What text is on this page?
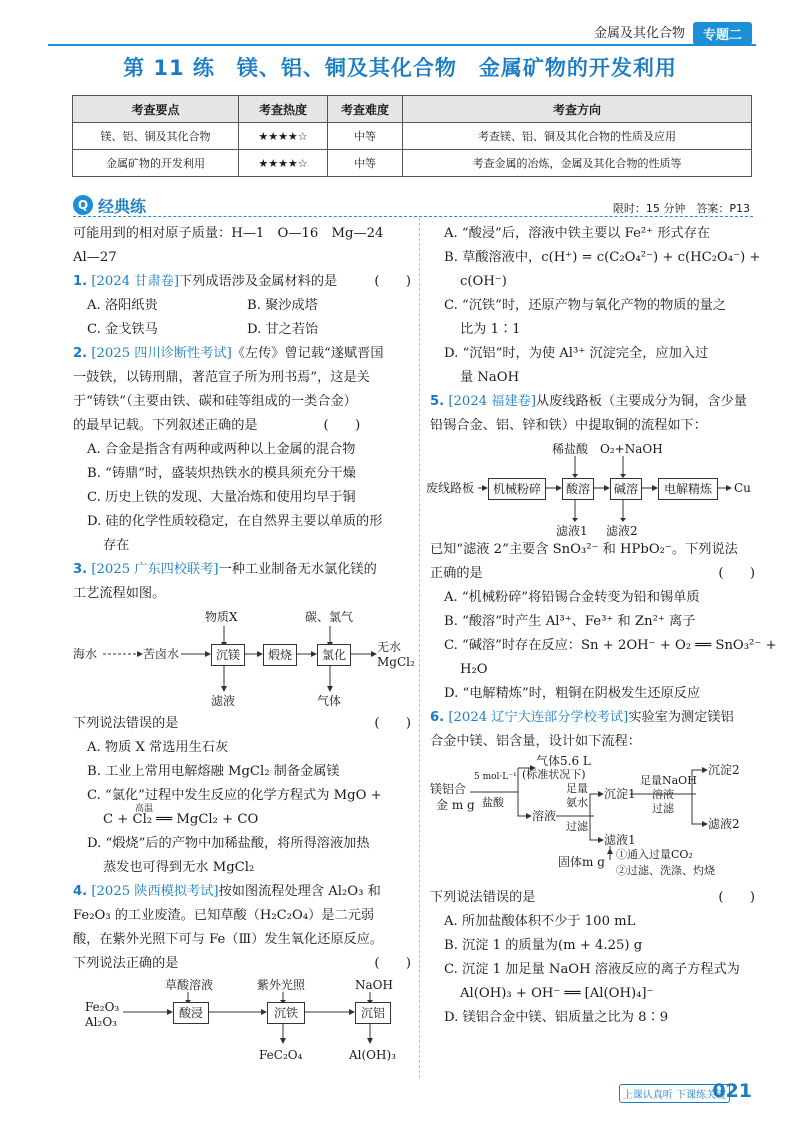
金属及其化合物	专题二
第 11 练　镁、铝、铜及其化合物　金属矿物的开发利用
考查要点	考查热度	考查难度	考查方向
镁、铝、铜及其化合物	★★★★☆	中等	考查镁、铝、铜及其化合物的性质及应用
金属矿物的开发利用	★★★★☆	中等	考查金属的冶炼，金属及其化合物的性质等
Q 经典练	限时：15 分钟　答案：P13
可能用到的相对原子质量：H—1　O—16　Mg—24
Al—27
1. [2024 甘肃卷]下列成语涉及金属材料的是	(　　)
A. 洛阳纸贵	B. 聚沙成塔
C. 金戈铁马	D. 甘之若饴
2. [2025 四川诊断性考试]《左传》曾记载“遂赋晋国
一鼓铁，以铸刑鼎，著范宣子所为刑书焉”，这是关
于“铸铁”（主要由铁、碳和硅等组成的一类合金）
的最早记载。下列叙述正确的是　　　　　(　　)
A. 合金是指含有两种或两种以上金属的混合物
B. “铸鼎”时，盛装炽热铁水的模具须充分干燥
C. 历史上铁的发现、大量冶炼和使用均早于铜
D. 硅的化学性质较稳定，在自然界主要以单质的形
存在
3. [2025 广东四校联考]一种工业制备无水氯化镁的
工艺流程如图。
物质X	碳、氯气
海水	苦卤水	沉镁	煅烧	氯化
无水
MgCl₂
滤液	气体
下列说法错误的是	(　　)
A. 物质 X 常选用生石灰
B. 工业上常用电解熔融 MgCl₂ 制备金属镁
C. “氯化”过程中发生反应的化学方程式为 MgO +
高温
C + Cl₂ ══ MgCl₂ + CO
D. “煅烧”后的产物中加稀盐酸，将所得溶液加热
蒸发也可得到无水 MgCl₂
4. [2025 陕西模拟考试]按如图流程处理含 Al₂O₃ 和
Fe₂O₃ 的工业废渣。已知草酸（H₂C₂O₄）是二元弱
酸，在紫外光照下可与 Fe（Ⅲ）发生氧化还原反应。
下列说法正确的是	(　　)
草酸溶液	紫外光照	NaOH
Fe₂O₃
Al₂O₃
酸浸	沉铁	沉铝
FeC₂O₄	Al(OH)₃
A. “酸浸”后，溶液中铁主要以 Fe²⁺ 形式存在
B. 草酸溶液中，c(H⁺) = c(C₂O₄²⁻) + c(HC₂O₄⁻) +
c(OH⁻)
C. “沉铁”时，还原产物与氧化产物的物质的量之
比为 1∶1
D. “沉铝”时，为使 Al³⁺ 沉淀完全，应加入过
量 NaOH
5. [2024 福建卷]从废线路板（主要成分为铜，含少量
铅锡合金、铝、锌和铁）中提取铜的流程如下：
稀盐酸 O₂+NaOH
废线路板	机械粉碎	酸溶	碱溶	电解精炼	Cu
滤液1 滤液2
已知“滤液 2”主要含 SnO₃²⁻ 和 HPbO₂⁻。下列说法
正确的是	(　　)
A. “机械粉碎”将铅锡合金转变为铅和锡单质
B. “酸溶”时产生 Al³⁺、Fe³⁺ 和 Zn²⁺ 离子
C. “碱溶”时存在反应：Sn + 2OH⁻ + O₂ ══ SnO₃²⁻ +
H₂O
D. “电解精炼”时，粗铜在阴极发生还原反应
6. [2024 辽宁大连部分学校考试]实验室为测定镁铝
合金中镁、铝含量，设计如下流程：
气体5.6 L
(标准状况下)
5 mol·L⁻¹
盐酸
镁铝合
金 m g
溶液
足量
氨水
过滤
沉淀1
滤液1
足量NaOH
溶液
过滤
沉淀2
滤液2
固体m g
①通入过量CO₂
②过滤、洗涤、灼烧
下列说法错误的是	(　　)
A. 所加盐酸体积不少于 100 mL
B. 沉淀 1 的质量为(m + 4.25) g
C. 沉淀 1 加足量 NaOH 溶液反应的离子方程式为
Al(OH)₃ + OH⁻ ══ [Al(OH)₄]⁻
D. 镁铝合金中镁、铝质量之比为 8∶9
上课认真听 下课练关键
021
